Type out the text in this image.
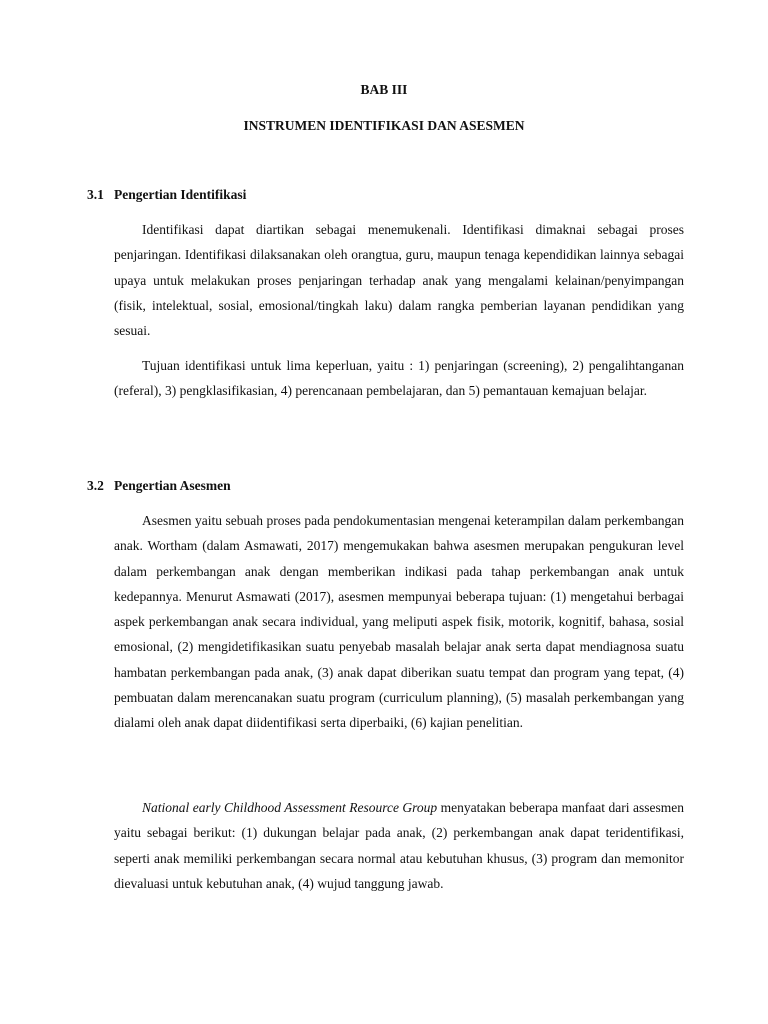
BAB III
INSTRUMEN IDENTIFIKASI DAN ASESMEN
3.1 Pengertian Identifikasi

Identifikasi dapat diartikan sebagai menemukenali. Identifikasi dimaknai sebagai proses penjaringan. Identifikasi dilaksanakan oleh orangtua, guru, maupun tenaga kependidikan lainnya sebagai upaya untuk melakukan proses penjaringan terhadap anak yang mengalami kelainan/penyimpangan (fisik, intelektual, sosial, emosional/tingkah laku) dalam rangka pemberian layanan pendidikan yang sesuai.

Tujuan identifikasi untuk lima keperluan, yaitu : 1) penjaringan (screening), 2) pengalihtanganan (referal), 3) pengklasifikasian, 4) perencanaan pembelajaran, dan 5) pemantauan kemajuan belajar.

3.2 Pengertian Asesmen

Asesmen yaitu sebuah proses pada pendokumentasian mengenai keterampilan dalam perkembangan anak. Wortham (dalam Asmawati, 2017) mengemukakan bahwa asesmen merupakan pengukuran level dalam perkembangan anak dengan memberikan indikasi pada tahap perkembangan anak untuk kedepannya. Menurut Asmawati (2017), asesmen mempunyai beberapa tujuan: (1) mengetahui berbagai aspek perkembangan anak secara individual, yang meliputi aspek fisik, motorik, kognitif, bahasa, sosial emosional, (2) mengidetifikasikan suatu penyebab masalah belajar anak serta dapat mendiagnosa suatu hambatan perkembangan pada anak, (3) anak dapat diberikan suatu tempat dan program yang tepat, (4) pembuatan dalam merencanakan suatu program (curriculum planning), (5) masalah perkembangan yang dialami oleh anak dapat diidentifikasi serta diperbaiki, (6) kajian penelitian.

National early Childhood Assessment Resource Group menyatakan beberapa manfaat dari assesmen yaitu sebagai berikut: (1) dukungan belajar pada anak, (2) perkembangan anak dapat teridentifikasi, seperti anak memiliki perkembangan secara normal atau kebutuhan khusus, (3) program dan memonitor dievaluasi untuk kebutuhan anak, (4) wujud tanggung jawab.
